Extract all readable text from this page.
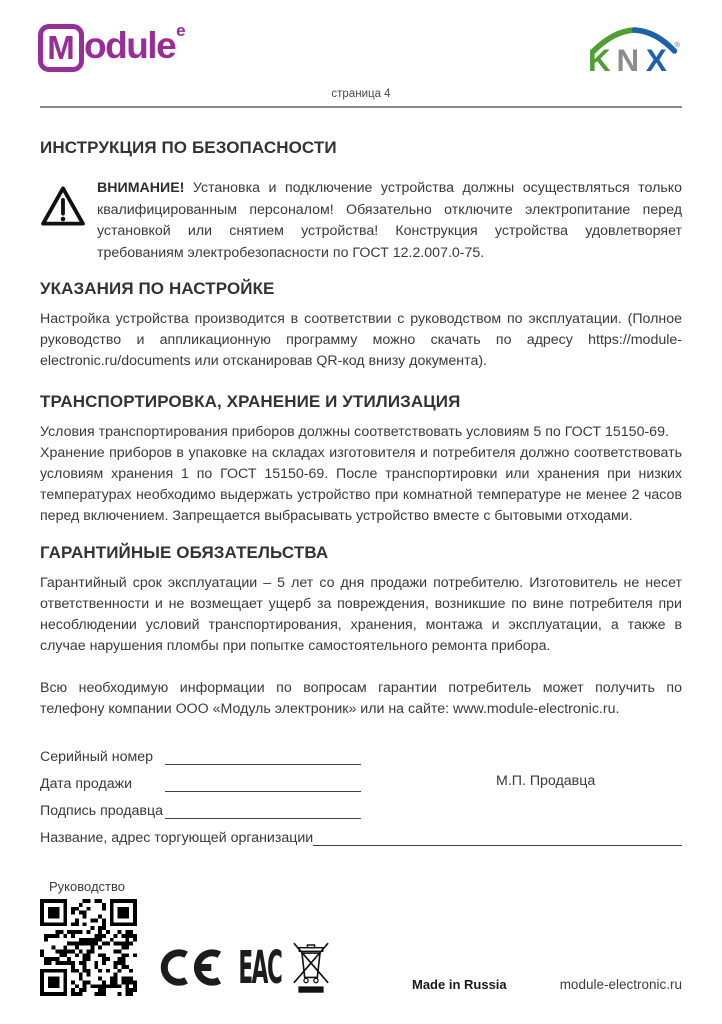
M odule e
K N X ®
страница 4
ИНСТРУКЦИЯ ПО БЕЗОПАСНОСТИ
ВНИМАНИЕ! Установка и подключение устройства должны осуществляться только квалифицированным персоналом! Обязательно отключите электропитание перед установкой или снятием устройства! Конструкция устройства удовлетворяет требованиям электробезопасности по ГОСТ 12.2.007.0-75.
УКАЗАНИЯ ПО НАСТРОЙКЕ

Настройка устройства производится в соответствии с руководством по эксплуатации. (Полное руководство и аппликационную программу можно скачать по адресу https://module-electronic.ru/documents или отсканировав QR-код внизу документа).

ТРАНСПОРТИРОВКА, ХРАНЕНИЕ И УТИЛИЗАЦИЯ

Условия транспортирования приборов должны соответствовать условиям 5 по ГОСТ 15150-69.

Хранение приборов в упаковке на складах изготовителя и потребителя должно соответствовать условиям хранения 1 по ГОСТ 15150-69. После транспортировки или хранения при низких температурах необходимо выдержать устройство при комнатной температуре не менее 2 часов перед включением. Запрещается выбрасывать устройство вместе с бытовыми отходами.

ГАРАНТИЙНЫЕ ОБЯЗАТЕЛЬСТВА

Гарантийный срок эксплуатации – 5 лет со дня продажи потребителю. Изготовитель не несет ответственности и не возмещает ущерб за повреждения, возникшие по вине потребителя при несоблюдении условий транспортирования, хранения, монтажа и эксплуатации, а также в случае нарушения пломбы при попытке самостоятельного ремонта прибора.

Всю необходимую информации по вопросам гарантии потребитель может получить по телефону компании ООО «Модуль электроник» или на сайте: www.module-electronic.ru.

Серийный номер
Дата продажи
Подпись продавца
Название, адрес торгующей организации
М.П. Продавца
Руководство
EAC	Made in Russia	module-electronic.ru
